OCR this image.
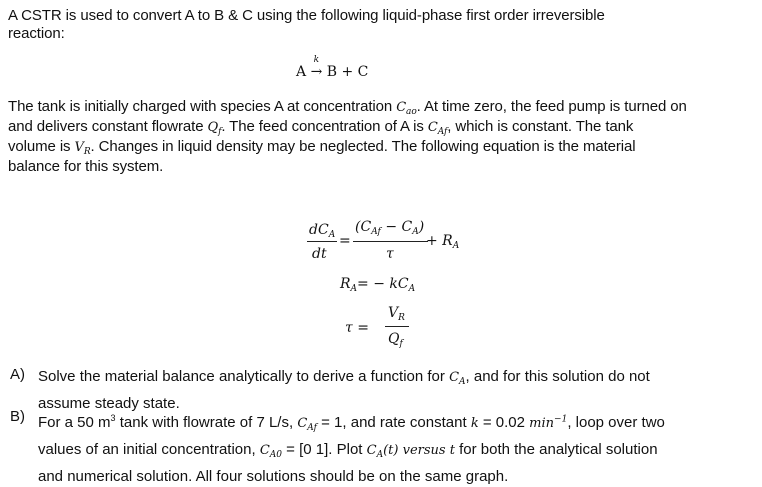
A CSTR is used to convert A to B & C using the following liquid-phase first order irreversible
reaction:
A
k
→ B + C
The tank is initially charged with species A at concentration $C_{ao}$. At time zero, the feed pump is turned on
and delivers constant flowrate $Q_f$. The feed concentration of A is $C_{Af}$, which is constant. The tank
volume is $V_R$. Changes in liquid density may be neglected. The following equation is the material
balance for this system.
$dC_A$
dt
=
$(C_{Af} - C_A)$
τ
+ $R_A$
$R_A= - kC_A$
τ =
$V_R$
$Q_f$
A) Solve the material balance analytically to derive a function for $C_A$, and for this solution do not
assume steady state.
B) For a 50 $m^3$ tank with flowrate of 7 L/s, $C_{Af} = 1$, and rate constant k = 0.02 $\min^{-1}$, loop over two
values of an initial concentration, $C_{A0} = [0$ 1]. Plot $C_A(t)$ versus t for both the analytical solution
and numerical solution. All four solutions should be on the same graph.
